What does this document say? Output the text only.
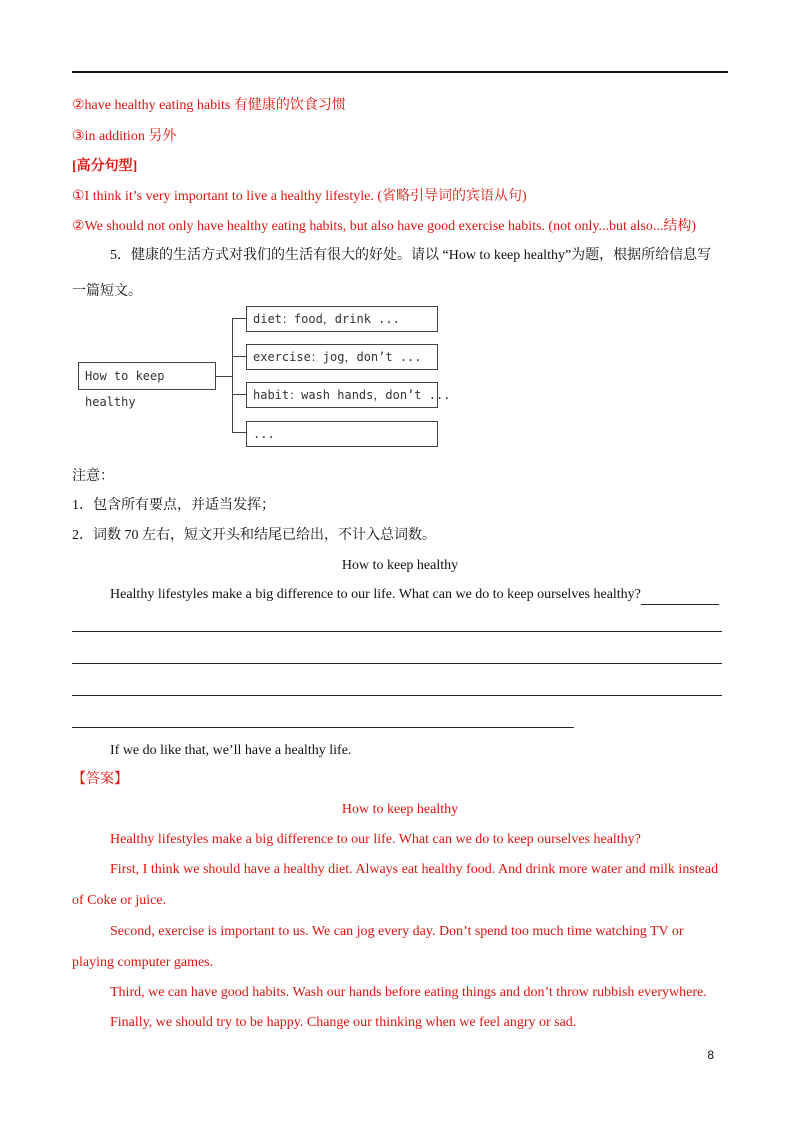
②have healthy eating habits 有健康的饮食习惯
③in addition 另外
[高分句型]
①I think it’s very important to live a healthy lifestyle. (省略引导词的宾语从句)
②We should not only have healthy eating habits, but also have good exercise habits. (not only...but also...结构)
5．健康的生活方式对我们的生活有很大的好处。请以 “How to keep healthy”为题，根据所给信息写
一篇短文。
How to keep healthy
diet：food，drink ...
exercise：jog，don’t ...
habit：wash hands，don’t ...
...
注意：
1．包含所有要点，并适当发挥；
2．词数 70 左右，短文开头和结尾已给出，不计入总词数。
How to keep healthy
Healthy lifestyles make a big difference to our life. What can we do to keep ourselves healthy?
If we do like that, we’ll have a healthy life.
【答案】
How to keep healthy
Healthy lifestyles make a big difference to our life. What can we do to keep ourselves healthy?
First, I think we should have a healthy diet. Always eat healthy food. And drink more water and milk instead
of Coke or juice.
Second, exercise is important to us. We can jog every day. Don’t spend too much time watching TV or
playing computer games.
Third, we can have good habits. Wash our hands before eating things and don’t throw rubbish everywhere.
Finally, we should try to be happy. Change our thinking when we feel angry or sad.
8
